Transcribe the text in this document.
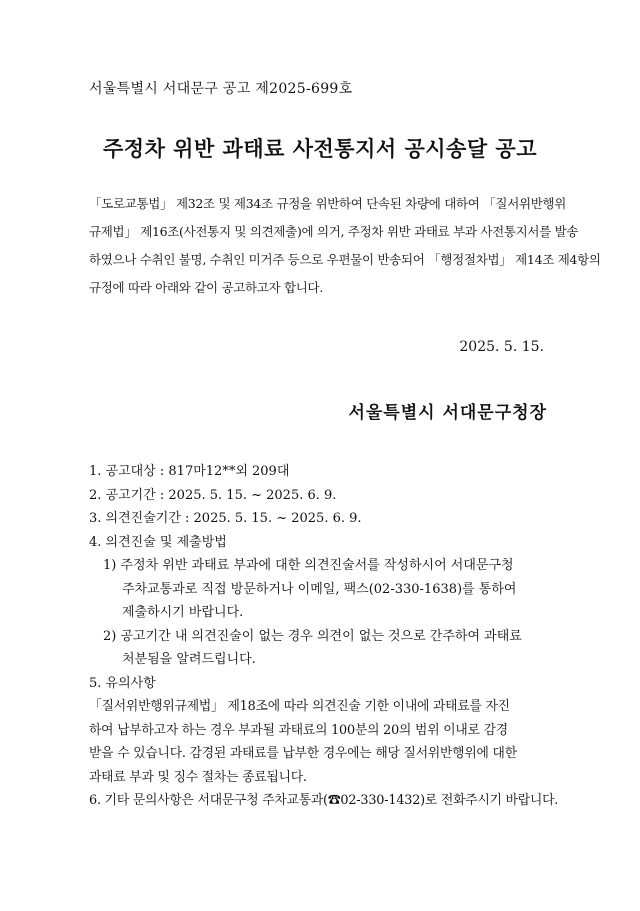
서울특별시 서대문구 공고 제2025-699호
주정차 위반 과태료 사전통지서 공시송달 공고
「도로교통법」 제32조 및 제34조 규정을 위반하여 단속된 차량에 대하여 「질서위반행위
규제법」 제16조(사전통지 및 의견제출)에 의거, 주정차 위반 과태료 부과 사전통지서를 발송
하였으나 수취인 불명, 수취인 미거주 등으로 우편물이 반송되어 「행정절차법」 제14조 제4항의
규정에 따라 아래와 같이 공고하고자 합니다.
2025. 5. 15.
서울특별시 서대문구청장
1. 공고대상 : 817마12**외 209대
2. 공고기간 : 2025. 5. 15. ~ 2025. 6. 9.
3. 의견진술기간 : 2025. 5. 15. ~ 2025. 6. 9.
4. 의견진술 및 제출방법
1) 주정차 위반 과태료 부과에 대한 의견진술서를 작성하시어 서대문구청
주차교통과로 직접 방문하거나 이메일, 팩스(02-330-1638)를 통하여
제출하시기 바랍니다.
2) 공고기간 내 의견진술이 없는 경우 의견이 없는 것으로 간주하여 과태료
처분됨을 알려드립니다.
5. 유의사항
「질서위반행위규제법」 제18조에 따라 의견진술 기한 이내에 과태료를 자진
하여 납부하고자 하는 경우 부과될 과태료의 100분의 20의 범위 이내로 감경
받을 수 있습니다. 감경된 과태료를 납부한 경우에는 해당 질서위반행위에 대한
과태료 부과 및 징수 절차는 종료됩니다.
6. 기타 문의사항은 서대문구청 주차교통과(☎02-330-1432)로 전화주시기 바랍니다.
